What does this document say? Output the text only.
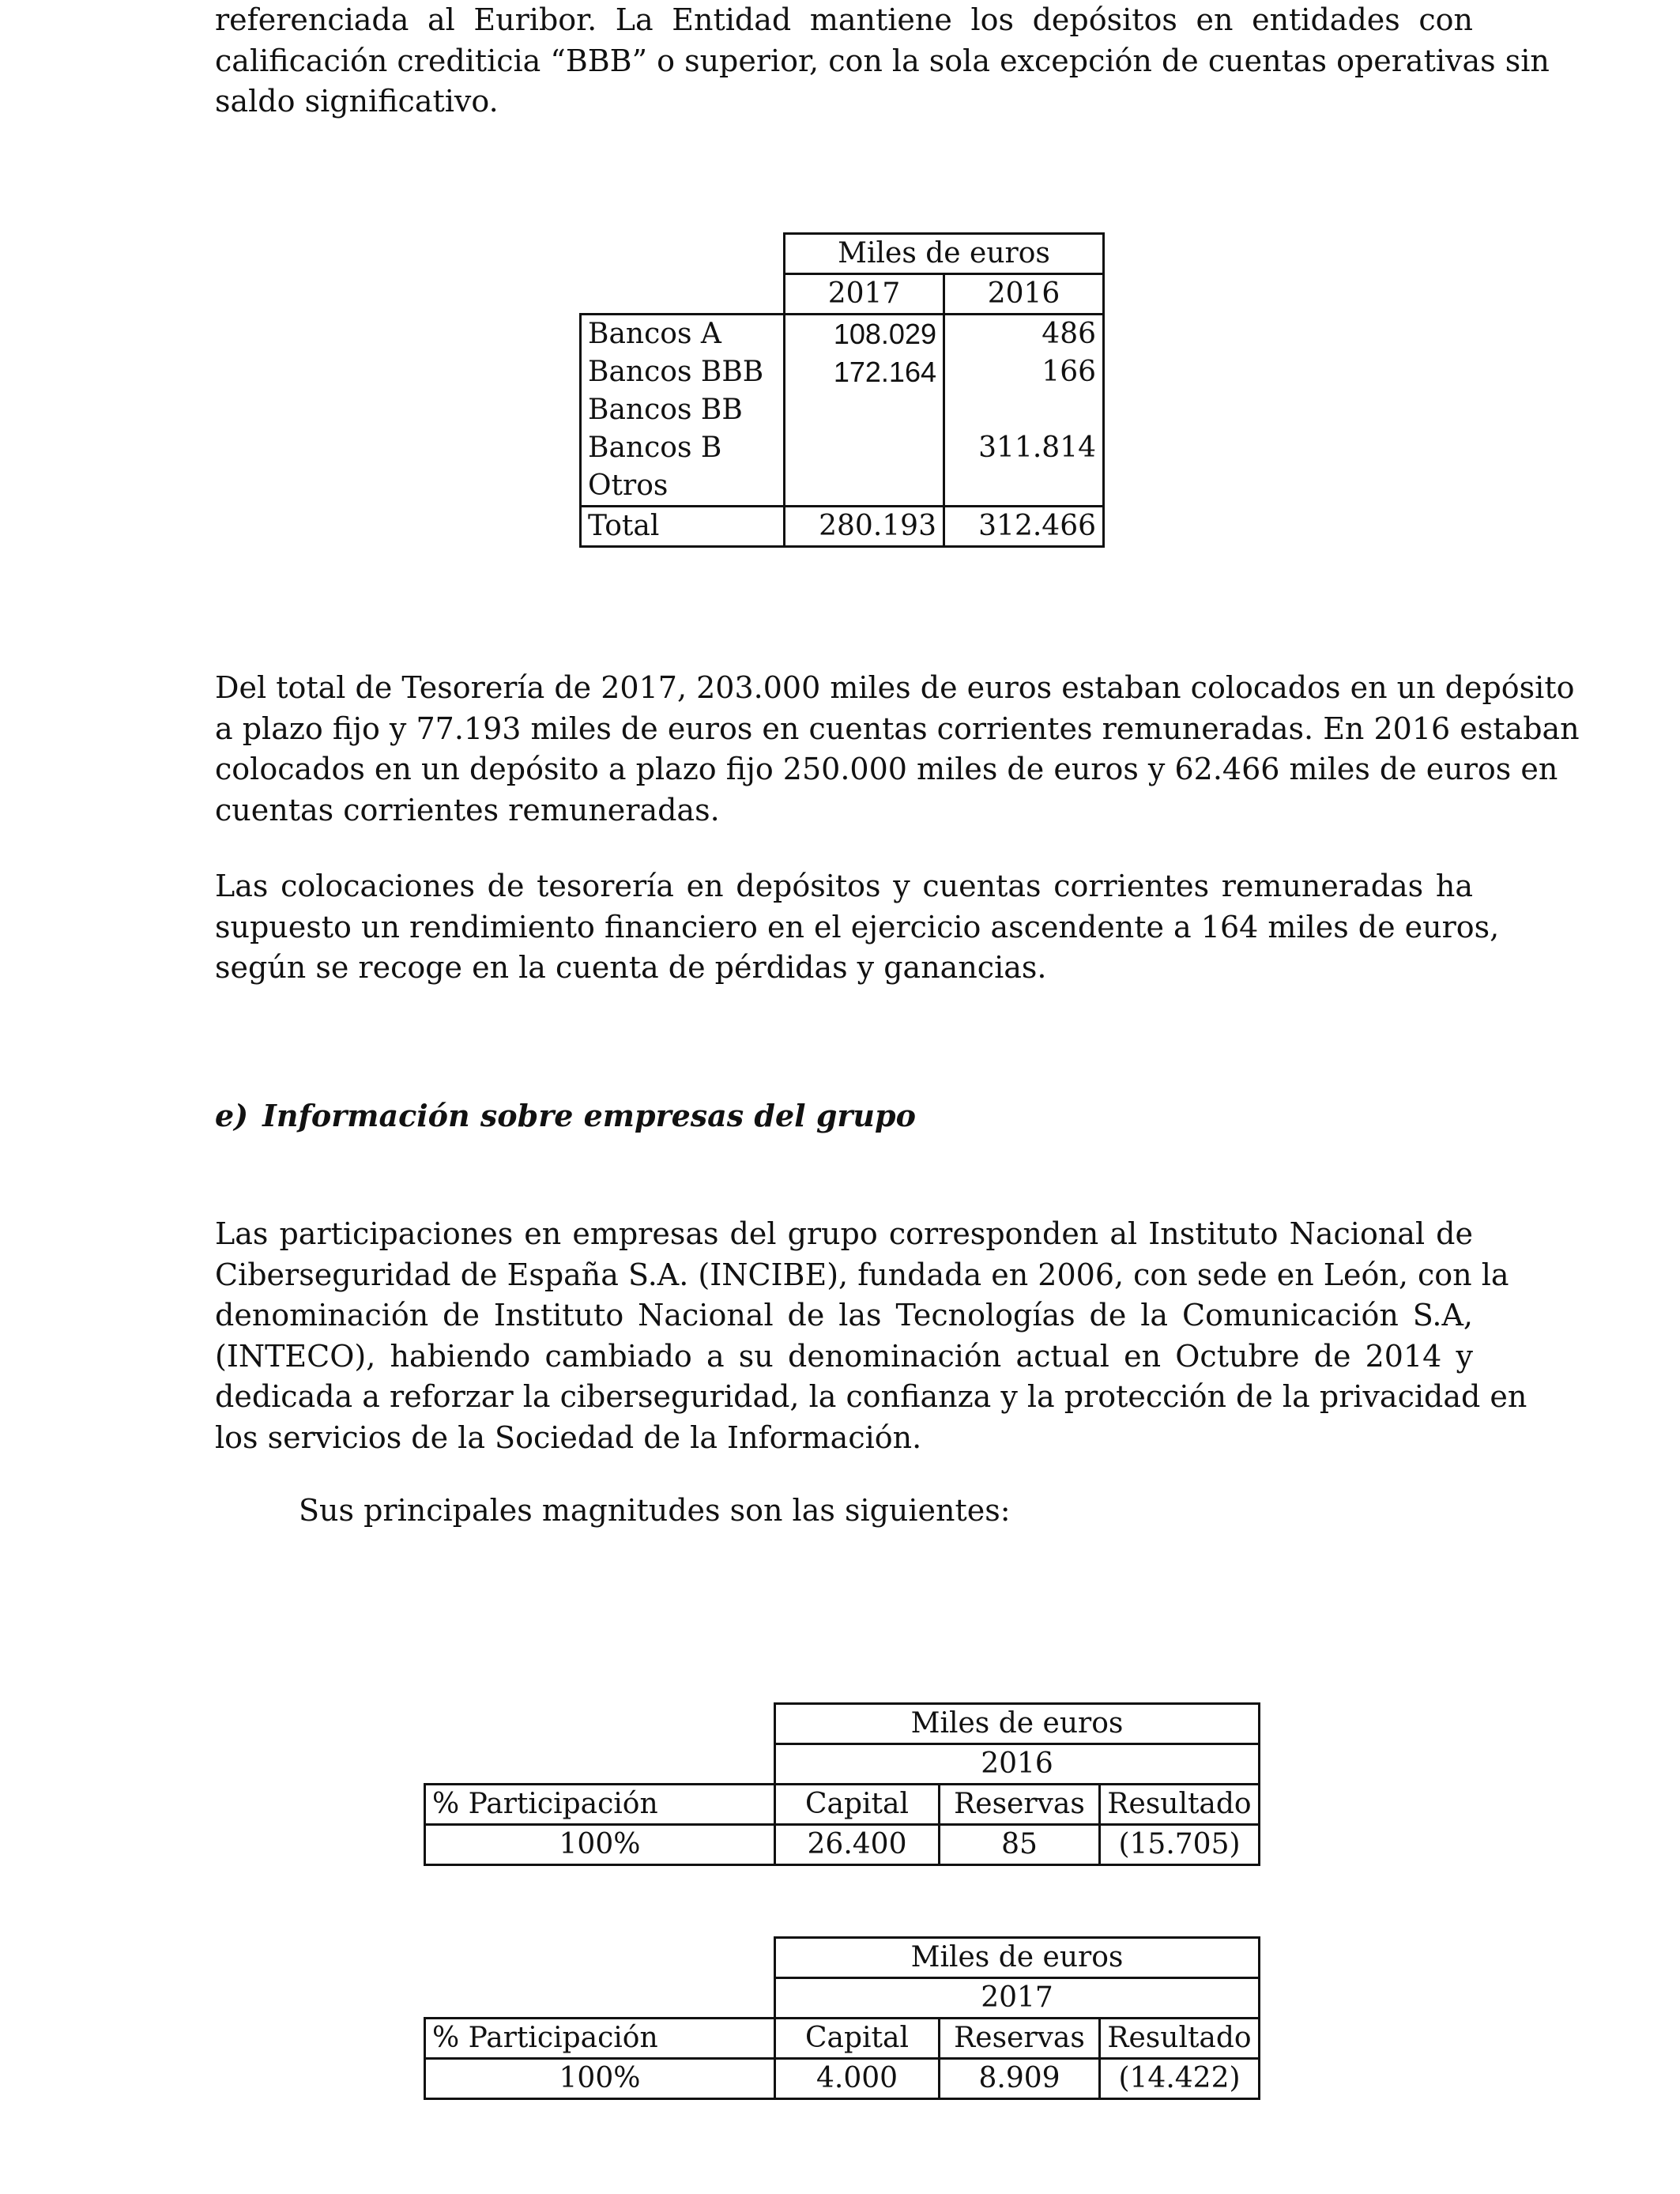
referenciada al Euribor. La Entidad mantiene los depósitos en entidades con
calificación crediticia “BBB” o superior, con la sola excepción de cuentas operativas sin
saldo significativo.
	Miles de euros	
	2017	2016
Bancos A	108.029	486
Bancos BBB	172.164	166
Bancos BB		
Bancos B		311.814
Otros		
Total	280.193	312.466
Del total de Tesorería de 2017, 203.000 miles de euros estaban colocados en un depósito
a plazo fijo y 77.193 miles de euros en cuentas corrientes remuneradas. En 2016 estaban
colocados en un depósito a plazo fijo 250.000 miles de euros y 62.466 miles de euros en
cuentas corrientes remuneradas.
Las colocaciones de tesorería en depósitos y cuentas corrientes remuneradas ha
supuesto un rendimiento financiero en el ejercicio ascendente a 164 miles de euros,
según se recoge en la cuenta de pérdidas y ganancias.
e) Información sobre empresas del grupo
Las participaciones en empresas del grupo corresponden al Instituto Nacional de
Ciberseguridad de España S.A. (INCIBE), fundada en 2006, con sede en León, con la
denominación de Instituto Nacional de las Tecnologías de la Comunicación S.A,
(INTECO), habiendo cambiado a su denominación actual en Octubre de 2014 y
dedicada a reforzar la ciberseguridad, la confianza y la protección de la privacidad en
los servicios de la Sociedad de la Información.
Sus principales magnitudes son las siguientes:
	Miles de euros		
	2016		
% Participación	Capital	Reservas	Resultado
100%	26.400	85	(15.705)
	Miles de euros		
	2017		
% Participación	Capital	Reservas	Resultado
100%	4.000	8.909	(14.422)
